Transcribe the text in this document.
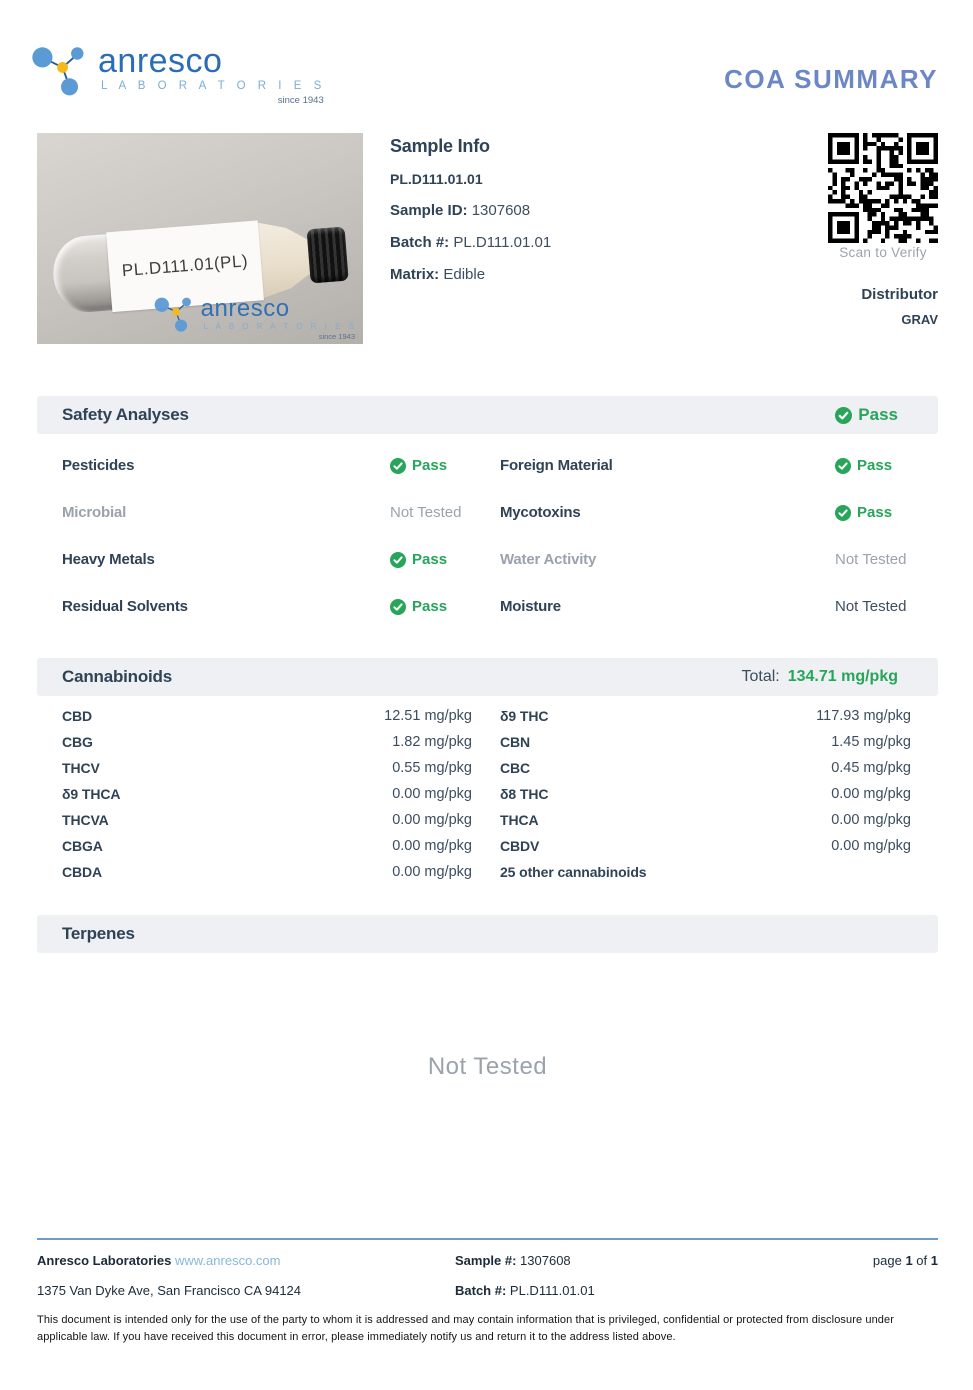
anresco
L A B O R A T O R I E S
since 1943
COA SUMMARY
PL.D111.01(PL)
anresco
L A B O R A T O R I E S
since 1943
Sample Info
PL.D111.01.01
Sample ID: 1307608
Batch #: PL.D111.01.01
Matrix: Edible
Scan to Verify
Distributor
GRAV
Safety Analyses	Pass
Pesticides	Pass	Foreign Material	Pass
Microbial	Not Tested	Mycotoxins	Pass
Heavy Metals	Pass	Water Activity	Not Tested
Residual Solvents	Pass	Moisture	Not Tested
Cannabinoids	Total: 134.71 mg/pkg
CBD	12.51 mg/pkg	δ9 THC	117.93 mg/pkg
CBG	1.82 mg/pkg	CBN	1.45 mg/pkg
THCV	0.55 mg/pkg	CBC	0.45 mg/pkg
δ9 THCA	0.00 mg/pkg	δ8 THC	0.00 mg/pkg
THCVA	0.00 mg/pkg	THCA	0.00 mg/pkg
CBGA	0.00 mg/pkg	CBDV	0.00 mg/pkg
CBDA	0.00 mg/pkg	25 other cannabinoids
Terpenes
Not Tested
Anresco Laboratories www.anresco.com	Sample #: 1307608	page 1 of 1
1375 Van Dyke Ave, San Francisco CA 94124	Batch #: PL.D111.01.01
This document is intended only for the use of the party to whom it is addressed and may contain information that is privileged, confidential or protected from disclosure under applicable law. If you have received this document in error, please immediately notify us and return it to the address listed above.
